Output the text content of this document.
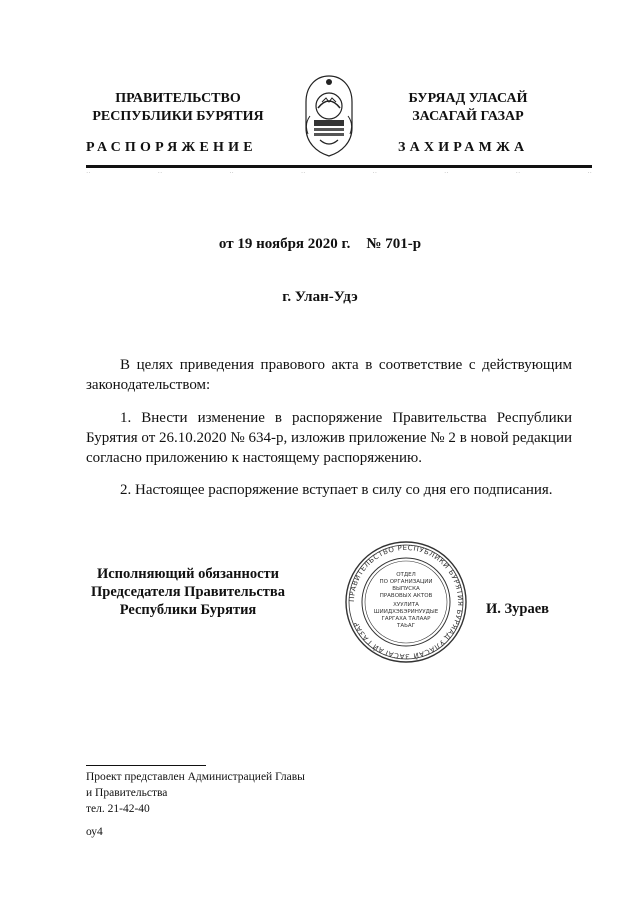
ПРАВИТЕЛЬСТВО
РЕСПУБЛИКИ БУРЯТИЯ
БУРЯАД УЛАСАЙ
ЗАСАГАЙ ГАЗАР
РАСПОРЯЖЕНИЕ	ЗАХИРАМЖА
··	··	··	··	··	··	··	··
от 19 ноября 2020 г. № 701-р
г. Улан-Удэ
В целях приведения правового акта в соответствие с действующим законодательством:
1. Внести изменение в распоряжение Правительства Республики Бурятия от 26.10.2020 № 634-р, изложив приложение № 2 в новой редакции согласно приложению к настоящему распоряжению.
2. Настоящее распоряжение вступает в силу со дня его подписания.
Исполняющий обязанности
Председателя Правительства
Республики Бурятия
ПРАВИТЕЛЬСТВО РЕСПУБЛИКИ БУРЯТИЯ БУРЯАД УЛАСАЙ ЗАСАГАЙ ГАЗАР
ОТДЕЛ
ПО ОРГАНИЗАЦИИ
ВЫПУСКА
ПРАВОВЫХ АКТОВ
ХУУЛИТА
ШИИДХЭБЭРИНУУДЫЕ
ГАРГАХА ТАЛААР
ТАЬАГ
И. Зураев
Проект представлен Администрацией Главы
и Правительства
тел. 21-42-40
оу4
